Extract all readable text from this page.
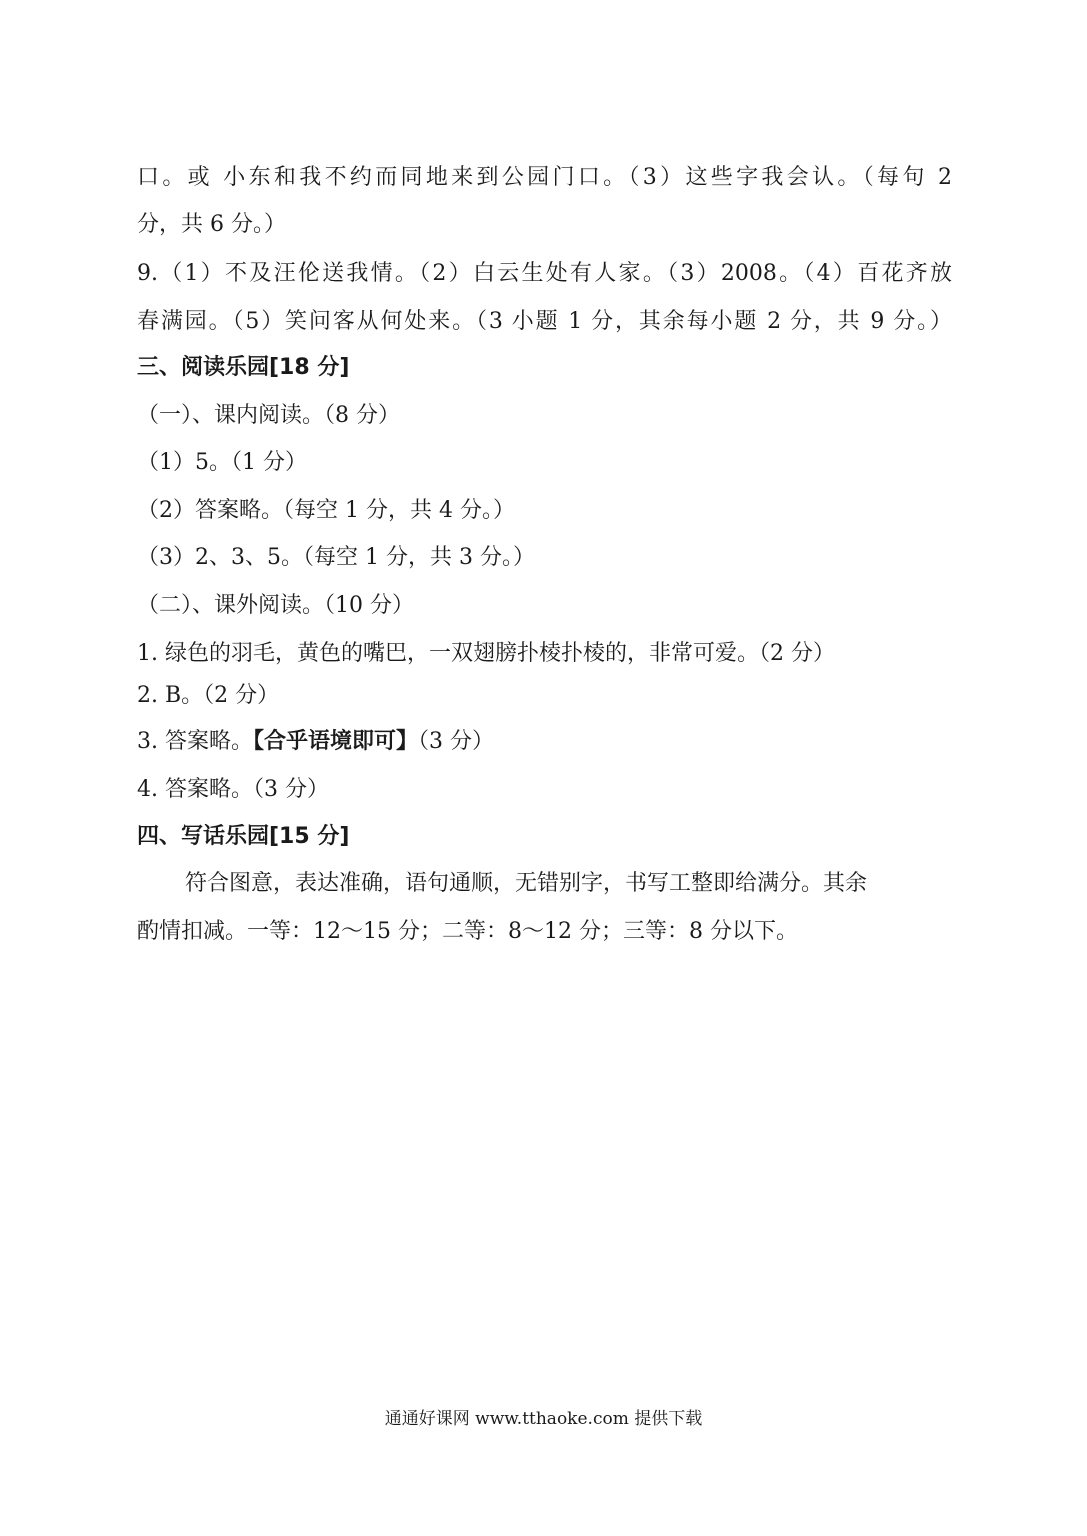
口。或 小东和我不约而同地来到公园门口。（3）这些字我会认。（每句 2
分，共 6 分。）
9.（1）不及汪伦送我情。（2）白云生处有人家。（3）2008。（4）百花齐放
春满园。（5）笑问客从何处来。（3 小题 1 分，其余每小题 2 分，共 9 分。）
三、阅读乐园[18 分]
（一）、课内阅读。（8 分）
（1）5。（1 分）
（2）答案略。（每空 1 分，共 4 分。）
（3）2、3、5。（每空 1 分，共 3 分。）
（二）、课外阅读。（10 分）
1. 绿色的羽毛，黄色的嘴巴，一双翅膀扑棱扑棱的，非常可爱。（2 分）
2. B。（2 分）
3. 答案略。【合乎语境即可】（3 分）
4. 答案略。（3 分）
四、写话乐园[15 分]
符合图意，表达准确，语句通顺，无错别字，书写工整即给满分。其余
酌情扣减。一等：12～15 分；二等：8～12 分；三等：8 分以下。
通通好课网 www.tthaoke.com 提供下载
